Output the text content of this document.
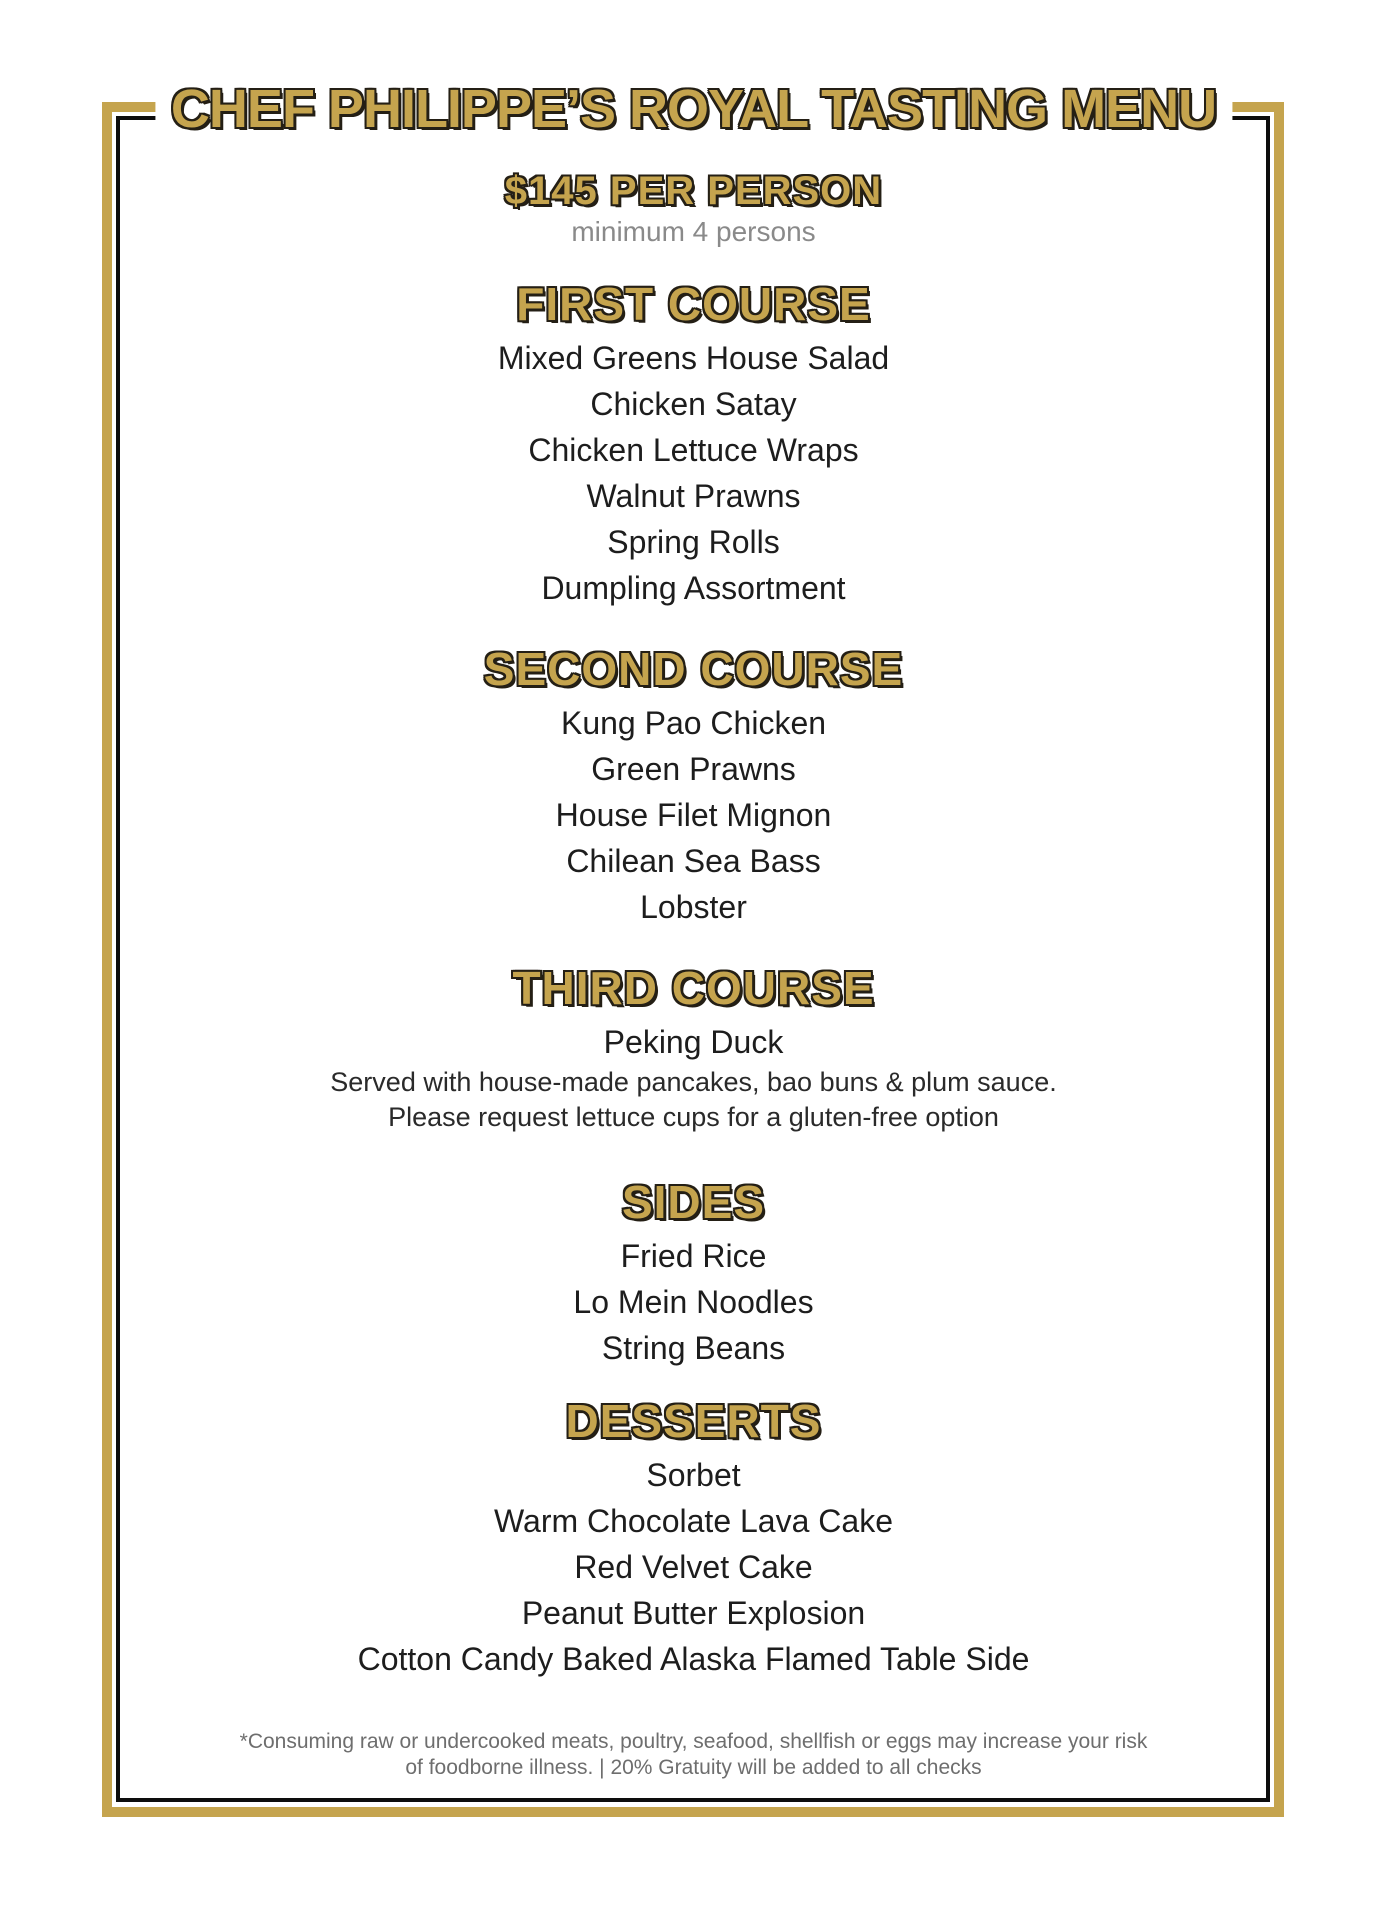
CHEF PHILIPPE’S ROYAL TASTING MENU
$145 PER PERSON
minimum 4 persons
FIRST COURSE
Mixed Greens House Salad
Chicken Satay
Chicken Lettuce Wraps
Walnut Prawns
Spring Rolls
Dumpling Assortment
SECOND COURSE
Kung Pao Chicken
Green Prawns
House Filet Mignon
Chilean Sea Bass
Lobster
THIRD COURSE
Peking Duck
Served with house-made pancakes, bao buns & plum sauce.
Please request lettuce cups for a gluten-free option
SIDES
Fried Rice
Lo Mein Noodles
String Beans
DESSERTS
Sorbet
Warm Chocolate Lava Cake
Red Velvet Cake
Peanut Butter Explosion
Cotton Candy Baked Alaska Flamed Table Side
*Consuming raw or undercooked meats, poultry, seafood, shellfish or eggs may increase your risk
of foodborne illness. | 20% Gratuity will be added to all checks
